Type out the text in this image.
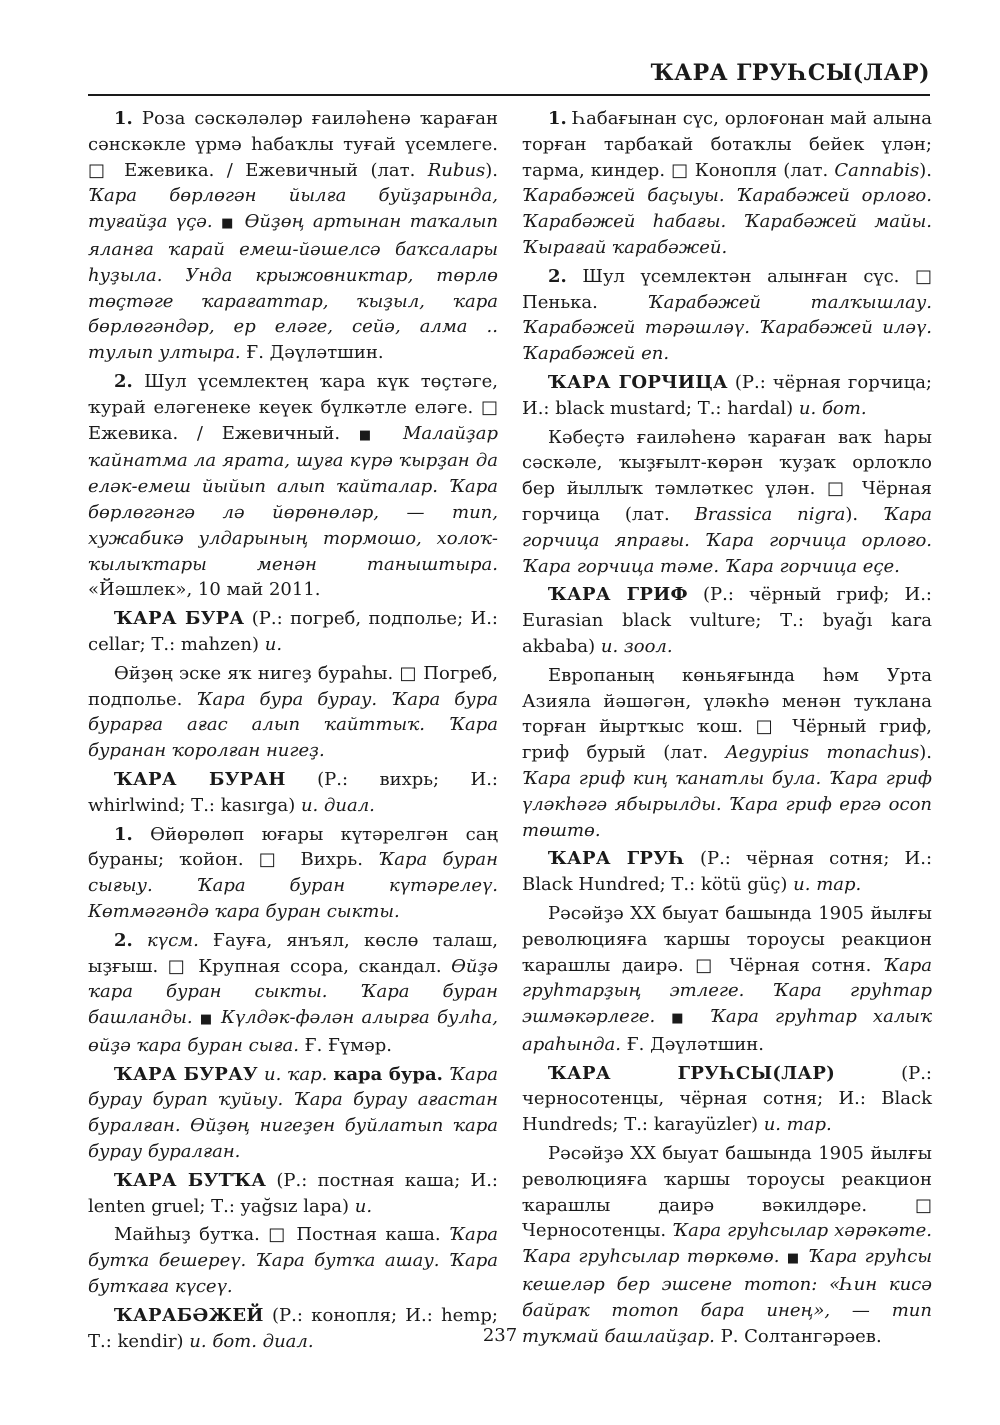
ҠАРА ГРУҺСЫ(ЛАР)

1. Роза сәскәләләр ғаиләһенә ҡараған сәнскәкле үрмә һабаҡлы туғай үсемлеге. □ Ежевика. / Ежевичный (лат. Rubus). Ҡара бөрлөгән йылға буйҙарында, туғайҙа үҫә. ■ Өйҙөң артынан таҡалып яланға ҡарай емеш-йәшелсә баҡсалары һуҙыла. Унда крыжовниктар, төрлө төҫтәге ҡарағаттар, ҡыҙыл, ҡара бөрлөгәндәр, ер еләге, сейә, алма .. тулып ултыра. Ғ. Дәүләтшин.

2. Шул үсемлектең ҡара күк төҫтәге, ҡурай еләгенеке кеүек бүлкәтле еләге. □ Ежевика. / Ежевичный. ■ Малайҙар ҡайнатма ла ярата, шуға күрә ҡырҙан да еләк-емеш йыйып алып ҡайталар. Ҡара бөрлөгәнгә лә йөрөнөләр, — тип, хужабикә улдарының тормошо, холоҡ-ҡылыҡтары менән таныштыра. «Йәшлек», 10 май 2011.

ҠАРА БУРА (Р.: погреб, подполье; И.: cellar; Т.: mahzen) и.

Өйҙөң эске яҡ нигеҙ бураһы. □ Погреб, подполье. Ҡара бура бурау. Ҡара бура бурарға ағас алып ҡайттыҡ. Ҡара буранан ҡоролған нигеҙ.

ҠАРА БУРАН (Р.: вихрь; И.: whirlwind; Т.: kasırga) и. диал.

1. Өйөрөлөп юғары күтәрелгән саң бураны; ҡойон. □ Вихрь. Ҡара буран сығыу. Ҡара буран күтәрелеү. Көтмәгәндә ҡара буран сыкты.

2. күсм. Ғауға, янъял, көслө талаш, ыҙғыш. □ Крупная ссора, скандал. Өйҙә ҡара буран сыкты. Ҡара буран башланды. ■ Күлдәк-фәлән алырға булһа, өйҙә ҡара буран сыға. Ғ. Ғүмәр.

ҠАРА БУРАУ и. ҡар. кара бура. Ҡара бурау бурап ҡуйыу. Ҡара бурау ағастан буралған. Өйҙөң нигеҙен буйлатып ҡара бурау буралған.

ҠАРА БУТҠА (Р.: постная каша; И.: lenten gruel; Т.: yağsız lapa) и.

Майһыҙ бутҡа. □ Постная каша. Ҡара бутҡа бешереү. Ҡара бутҡа ашау. Ҡара бутҡаға күсеү.

ҠАРАБӘЖЕЙ (Р.: конопля; И.: hemp; Т.: kendir) и. бот. диал.

1. Һабағынан сүс, орлоғонан май алына торған тарбаҡай ботаҡлы бейек үлән; тарма, киндер. □ Конопля (лат. Cannabis). Ҡарабәжей баҫыуы. Ҡарабәжей орлоғо. Ҡарабәжей һабағы. Ҡарабәжей майы. Ҡырағай ҡарабәжей.

2. Шул үсемлектән алынған сүс. □ Пенька. Ҡарабәжей талҡышлау. Ҡарабәжей тәрәшләү. Ҡарабәжей иләү. Ҡарабәжей еп.

ҠАРА ГОРЧИЦА (Р.: чёрная горчица; И.: black mustard; Т.: hardal) и. бот.

Кәбеҫтә ғаиләһенә ҡараған ваҡ һары сәскәле, ҡыҙғылт-көрән ҡуҙаҡ орлоҡло бер йыллыҡ тәмләткес үлән. □ Чёрная горчица (лат. Brassica nigra). Ҡара горчица япрағы. Ҡара горчица орлоғо. Ҡара горчица тәме. Ҡара горчица еҫе.

ҠАРА ГРИФ (Р.: чёрный гриф; И.: Eurasian black vulture; Т.: byağı kara akbaba) и. зоол.

Европаның көньяғында һәм Урта Азияла йәшәгән, үләкһә менән туҡлана торған йыртҡыс ҡош. □ Чёрный гриф, гриф бурый (лат. Aegypius monachus). Ҡара гриф киң ҡанатлы була. Ҡара гриф үләкһәгә ябырылды. Ҡара гриф ергә осоп төштө.

ҠАРА ГРУҺ (Р.: чёрная сотня; И.: Black Hundred; Т.: kötü güç) и. тар.

Рәсәйҙә XX быуат башында 1905 йылғы революцияға ҡаршы тороусы реакцион ҡарашлы даирә. □ Чёрная сотня. Ҡара груһтарҙың этлеге. Ҡара груһтар эшмәкәрлеге. ■ Ҡара груһтар халыҡ араһында. Ғ. Дәүләтшин.

ҠАРА ГРУҺСЫ(ЛАР) (Р.: черносотенцы, чёрная сотня; И.: Black Hundreds; Т.: karayüzler) и. тар.

Рәсәйҙә XX быуат башында 1905 йылғы революцияға ҡаршы тороусы реакцион ҡарашлы даирә вәкилдәре. □ Черносотенцы. Ҡара груһсылар хәрәкәте. Ҡара груһсылар төркөмө. ■ Ҡара груһсы кешеләр бер эшсене тотоп: «Һин кисә байраҡ тотоп бара инең», — тип туҡмай башлайҙар. Р. Солтангәрәев.

237
